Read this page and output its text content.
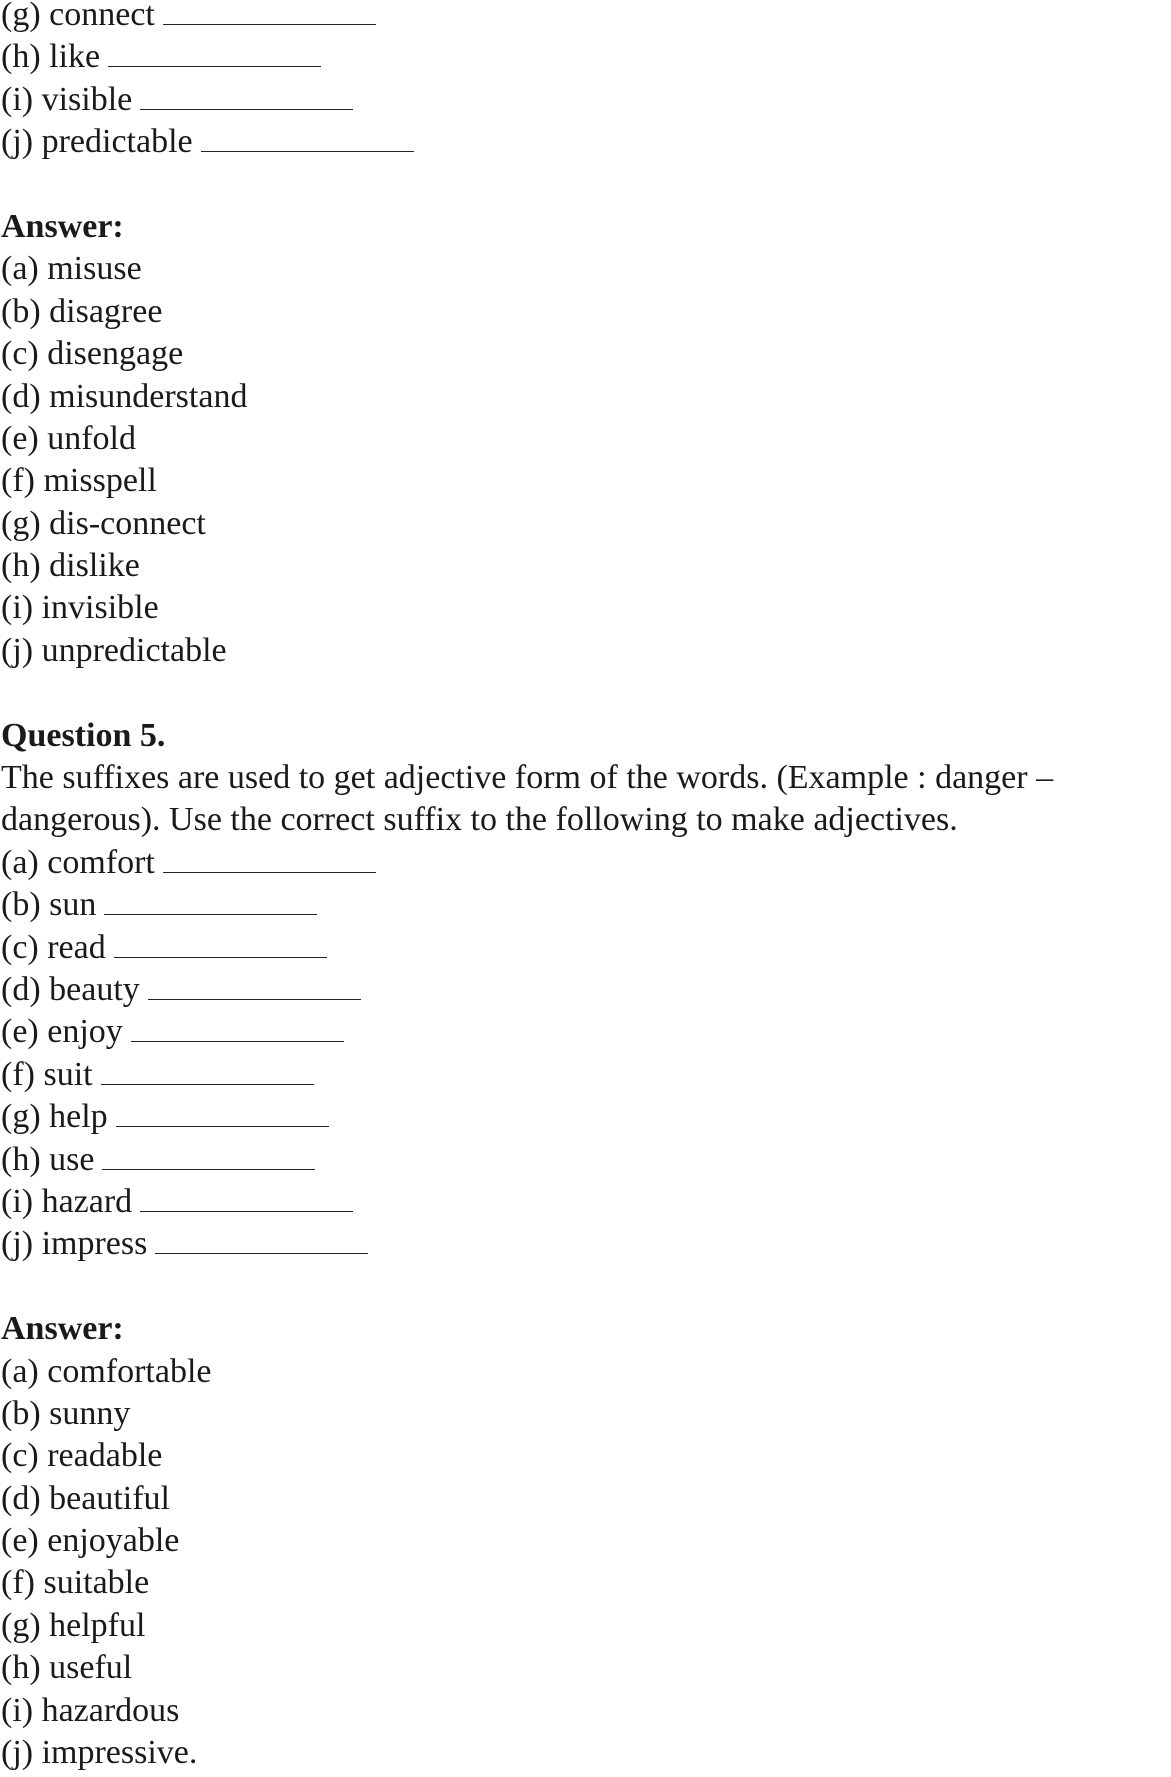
(g) connect
(h) like
(i) visible
(j) predictable
Answer:
(a) misuse
(b) disagree
(c) disengage
(d) misunderstand
(e) unfold
(f) misspell
(g) dis-connect
(h) dislike
(i) invisible
(j) unpredictable
Question 5.
The suffixes are used to get adjective form of the words. (Example : danger –
dangerous). Use the correct suffix to the following to make adjectives.
(a) comfort
(b) sun
(c) read
(d) beauty
(e) enjoy
(f) suit
(g) help
(h) use
(i) hazard
(j) impress
Answer:
(a) comfortable
(b) sunny
(c) readable
(d) beautiful
(e) enjoyable
(f) suitable
(g) helpful
(h) useful
(i) hazardous
(j) impressive.
